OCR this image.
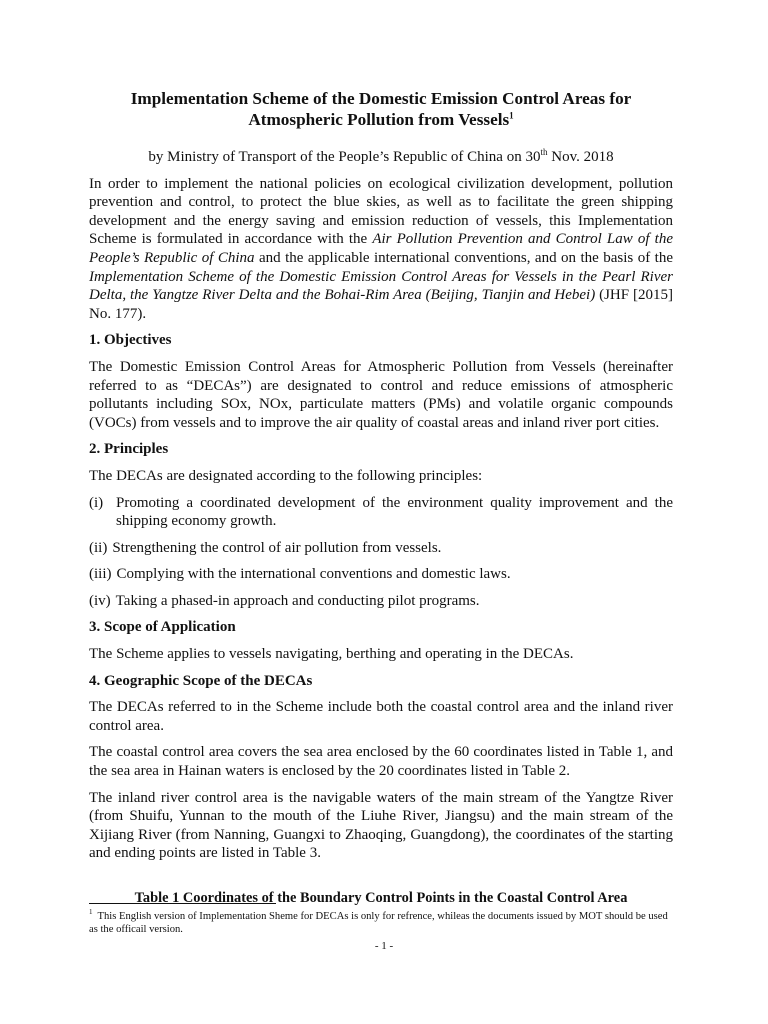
Implementation Scheme of the Domestic Emission Control Areas for
Atmospheric Pollution from Vessels$^1$
by Ministry of Transport of the People’s Republic of China on 30th Nov. 2018

In order to implement the national policies on ecological civilization development, pollution prevention and control, to protect the blue skies, as well as to facilitate the green shipping development and the energy saving and emission reduction of vessels, this Implementation Scheme is formulated in accordance with the Air Pollution Prevention and Control Law of the People’s Republic of China and the applicable international conventions, and on the basis of the Implementation Scheme of the Domestic Emission Control Areas for Vessels in the Pearl River Delta, the Yangtze River Delta and the Bohai-Rim Area (Beijing, Tianjin and Hebei) (JHF [2015] No. 177).

1. Objectives

The Domestic Emission Control Areas for Atmospheric Pollution from Vessels (hereinafter referred to as “DECAs”) are designated to control and reduce emissions of atmospheric pollutants including SOx, NOx, particulate matters (PMs) and volatile organic compounds (VOCs) from vessels and to improve the air quality of coastal areas and inland river port cities.

2. Principles

The DECAs are designated according to the following principles:

(i) Promoting a coordinated development of the environment quality improvement and the shipping economy growth.
(ii) Strengthening the control of air pollution from vessels.
(iii) Complying with the international conventions and domestic laws.
(iv) Taking a phased-in approach and conducting pilot programs.
3. Scope of Application

The Scheme applies to vessels navigating, berthing and operating in the DECAs.

4. Geographic Scope of the DECAs

The DECAs referred to in the Scheme include both the coastal control area and the inland river control area.

The coastal control area covers the sea area enclosed by the 60 coordinates listed in Table 1, and the sea area in Hainan waters is enclosed by the 20 coordinates listed in Table 2.

The inland river control area is the navigable waters of the main stream of the Yangtze River (from Shuifu, Yunnan to the mouth of the Liuhe River, Jiangsu) and the main stream of the Xijiang River (from Nanning, Guangxi to Zhaoqing, Guangdong), the coordinates of the starting and ending points are listed in Table 3.

Table 1 Coordinates of the Boundary Control Points in the Coastal Control Area
$^1$ This English version of Implementation Sheme for DECAs is only for refrence, whileas the documents issued by MOT should be used as the officail version.
- 1 -
